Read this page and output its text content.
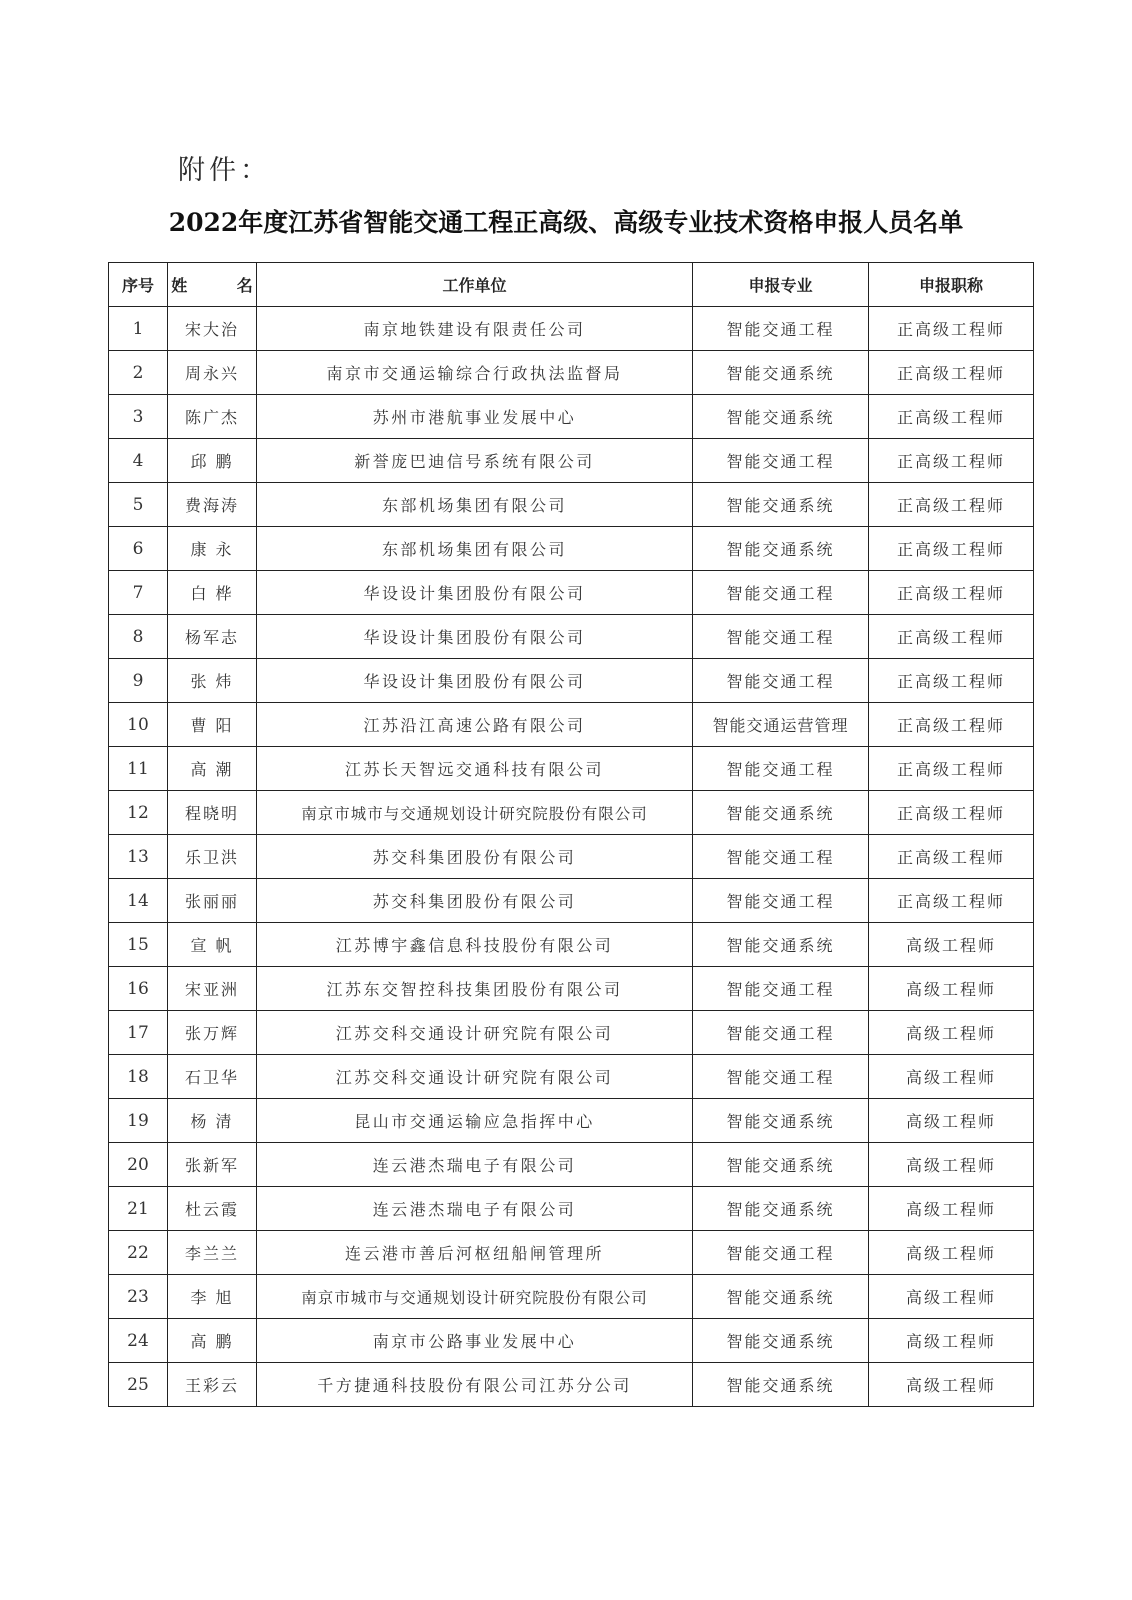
附件：
2022年度江苏省智能交通工程正高级、高级专业技术资格申报人员名单
序号	姓 名	工作单位	申报专业	申报职称
1	宋大治	南京地铁建设有限责任公司	智能交通工程	正高级工程师
2	周永兴	南京市交通运输综合行政执法监督局	智能交通系统	正高级工程师
3	陈广杰	苏州市港航事业发展中心	智能交通系统	正高级工程师
4	邱 鹏	新誉庞巴迪信号系统有限公司	智能交通工程	正高级工程师
5	费海涛	东部机场集团有限公司	智能交通系统	正高级工程师
6	康 永	东部机场集团有限公司	智能交通系统	正高级工程师
7	白 桦	华设设计集团股份有限公司	智能交通工程	正高级工程师
8	杨军志	华设设计集团股份有限公司	智能交通工程	正高级工程师
9	张 炜	华设设计集团股份有限公司	智能交通工程	正高级工程师
10	曹 阳	江苏沿江高速公路有限公司	智能交通运营管理	正高级工程师
11	高 潮	江苏长天智远交通科技有限公司	智能交通工程	正高级工程师
12	程晓明	南京市城市与交通规划设计研究院股份有限公司	智能交通系统	正高级工程师
13	乐卫洪	苏交科集团股份有限公司	智能交通工程	正高级工程师
14	张丽丽	苏交科集团股份有限公司	智能交通工程	正高级工程师
15	宣 帆	江苏博宇鑫信息科技股份有限公司	智能交通系统	高级工程师
16	宋亚洲	江苏东交智控科技集团股份有限公司	智能交通工程	高级工程师
17	张万辉	江苏交科交通设计研究院有限公司	智能交通工程	高级工程师
18	石卫华	江苏交科交通设计研究院有限公司	智能交通工程	高级工程师
19	杨 清	昆山市交通运输应急指挥中心	智能交通系统	高级工程师
20	张新军	连云港杰瑞电子有限公司	智能交通系统	高级工程师
21	杜云霞	连云港杰瑞电子有限公司	智能交通系统	高级工程师
22	李兰兰	连云港市善后河枢纽船闸管理所	智能交通工程	高级工程师
23	李 旭	南京市城市与交通规划设计研究院股份有限公司	智能交通系统	高级工程师
24	高 鹏	南京市公路事业发展中心	智能交通系统	高级工程师
25	王彩云	千方捷通科技股份有限公司江苏分公司	智能交通系统	高级工程师
